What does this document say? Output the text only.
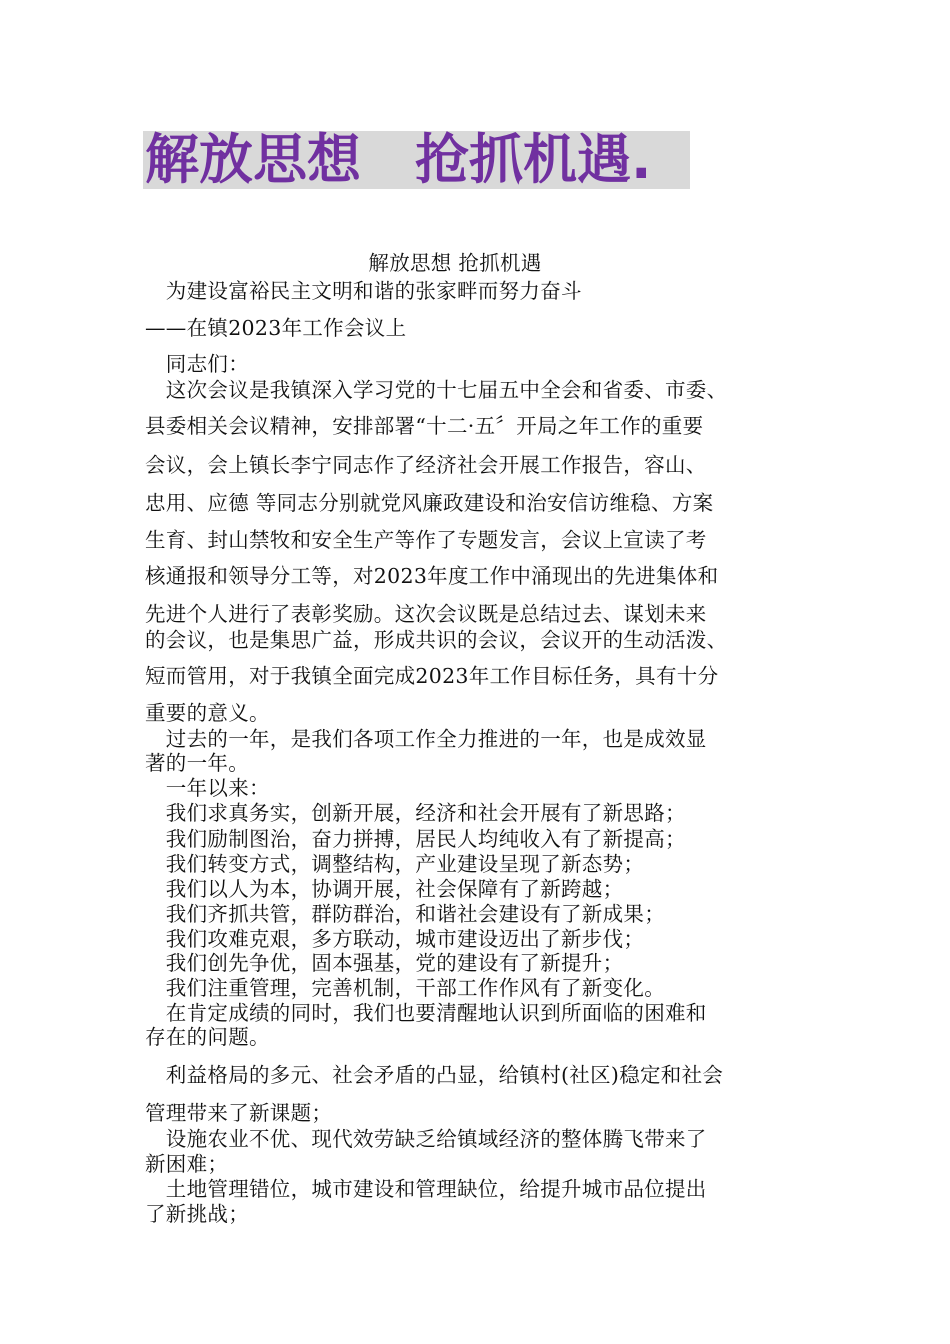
解放思想　抢抓机遇.
解放思想 抢抓机遇
　为建设富裕民主文明和谐的张家畔而努力奋斗
——在镇2023年工作会议上
　同志们：
　这次会议是我镇深入学习党的十七届五中全会和省委、市委、
县委相关会议精神，安排部署“十二·五〞开局之年工作的重要
会议，会上镇长李宁同志作了经济社会开展工作报告，容山、
忠用、应德 等同志分别就党风廉政建设和治安信访维稳、方案
生育、封山禁牧和安全生产等作了专题发言，会议上宣读了考
核通报和领导分工等，对2023年度工作中涌现出的先进集体和
先进个人进行了表彰奖励。这次会议既是总结过去、谋划未来
的会议，也是集思广益，形成共识的会议，会议开的生动活泼、
短而管用，对于我镇全面完成2023年工作目标任务，具有十分
重要的意义。
　过去的一年，是我们各项工作全力推进的一年，也是成效显
著的一年。
　一年以来：
　我们求真务实，创新开展，经济和社会开展有了新思路；
　我们励制图治，奋力拼搏，居民人均纯收入有了新提高；
　我们转变方式，调整结构，产业建设呈现了新态势；
　我们以人为本，协调开展，社会保障有了新跨越；
　我们齐抓共管，群防群治，和谐社会建设有了新成果；
　我们攻难克艰，多方联动，城市建设迈出了新步伐；
　我们创先争优，固本强基，党的建设有了新提升；
　我们注重管理，完善机制，干部工作作风有了新变化。
　在肯定成绩的同时，我们也要清醒地认识到所面临的困难和
存在的问题。
　利益格局的多元、社会矛盾的凸显，给镇村(社区)稳定和社会
管理带来了新课题；
　设施农业不优、现代效劳缺乏给镇域经济的整体腾飞带来了
新困难；
　土地管理错位，城市建设和管理缺位，给提升城市品位提出
了新挑战；
